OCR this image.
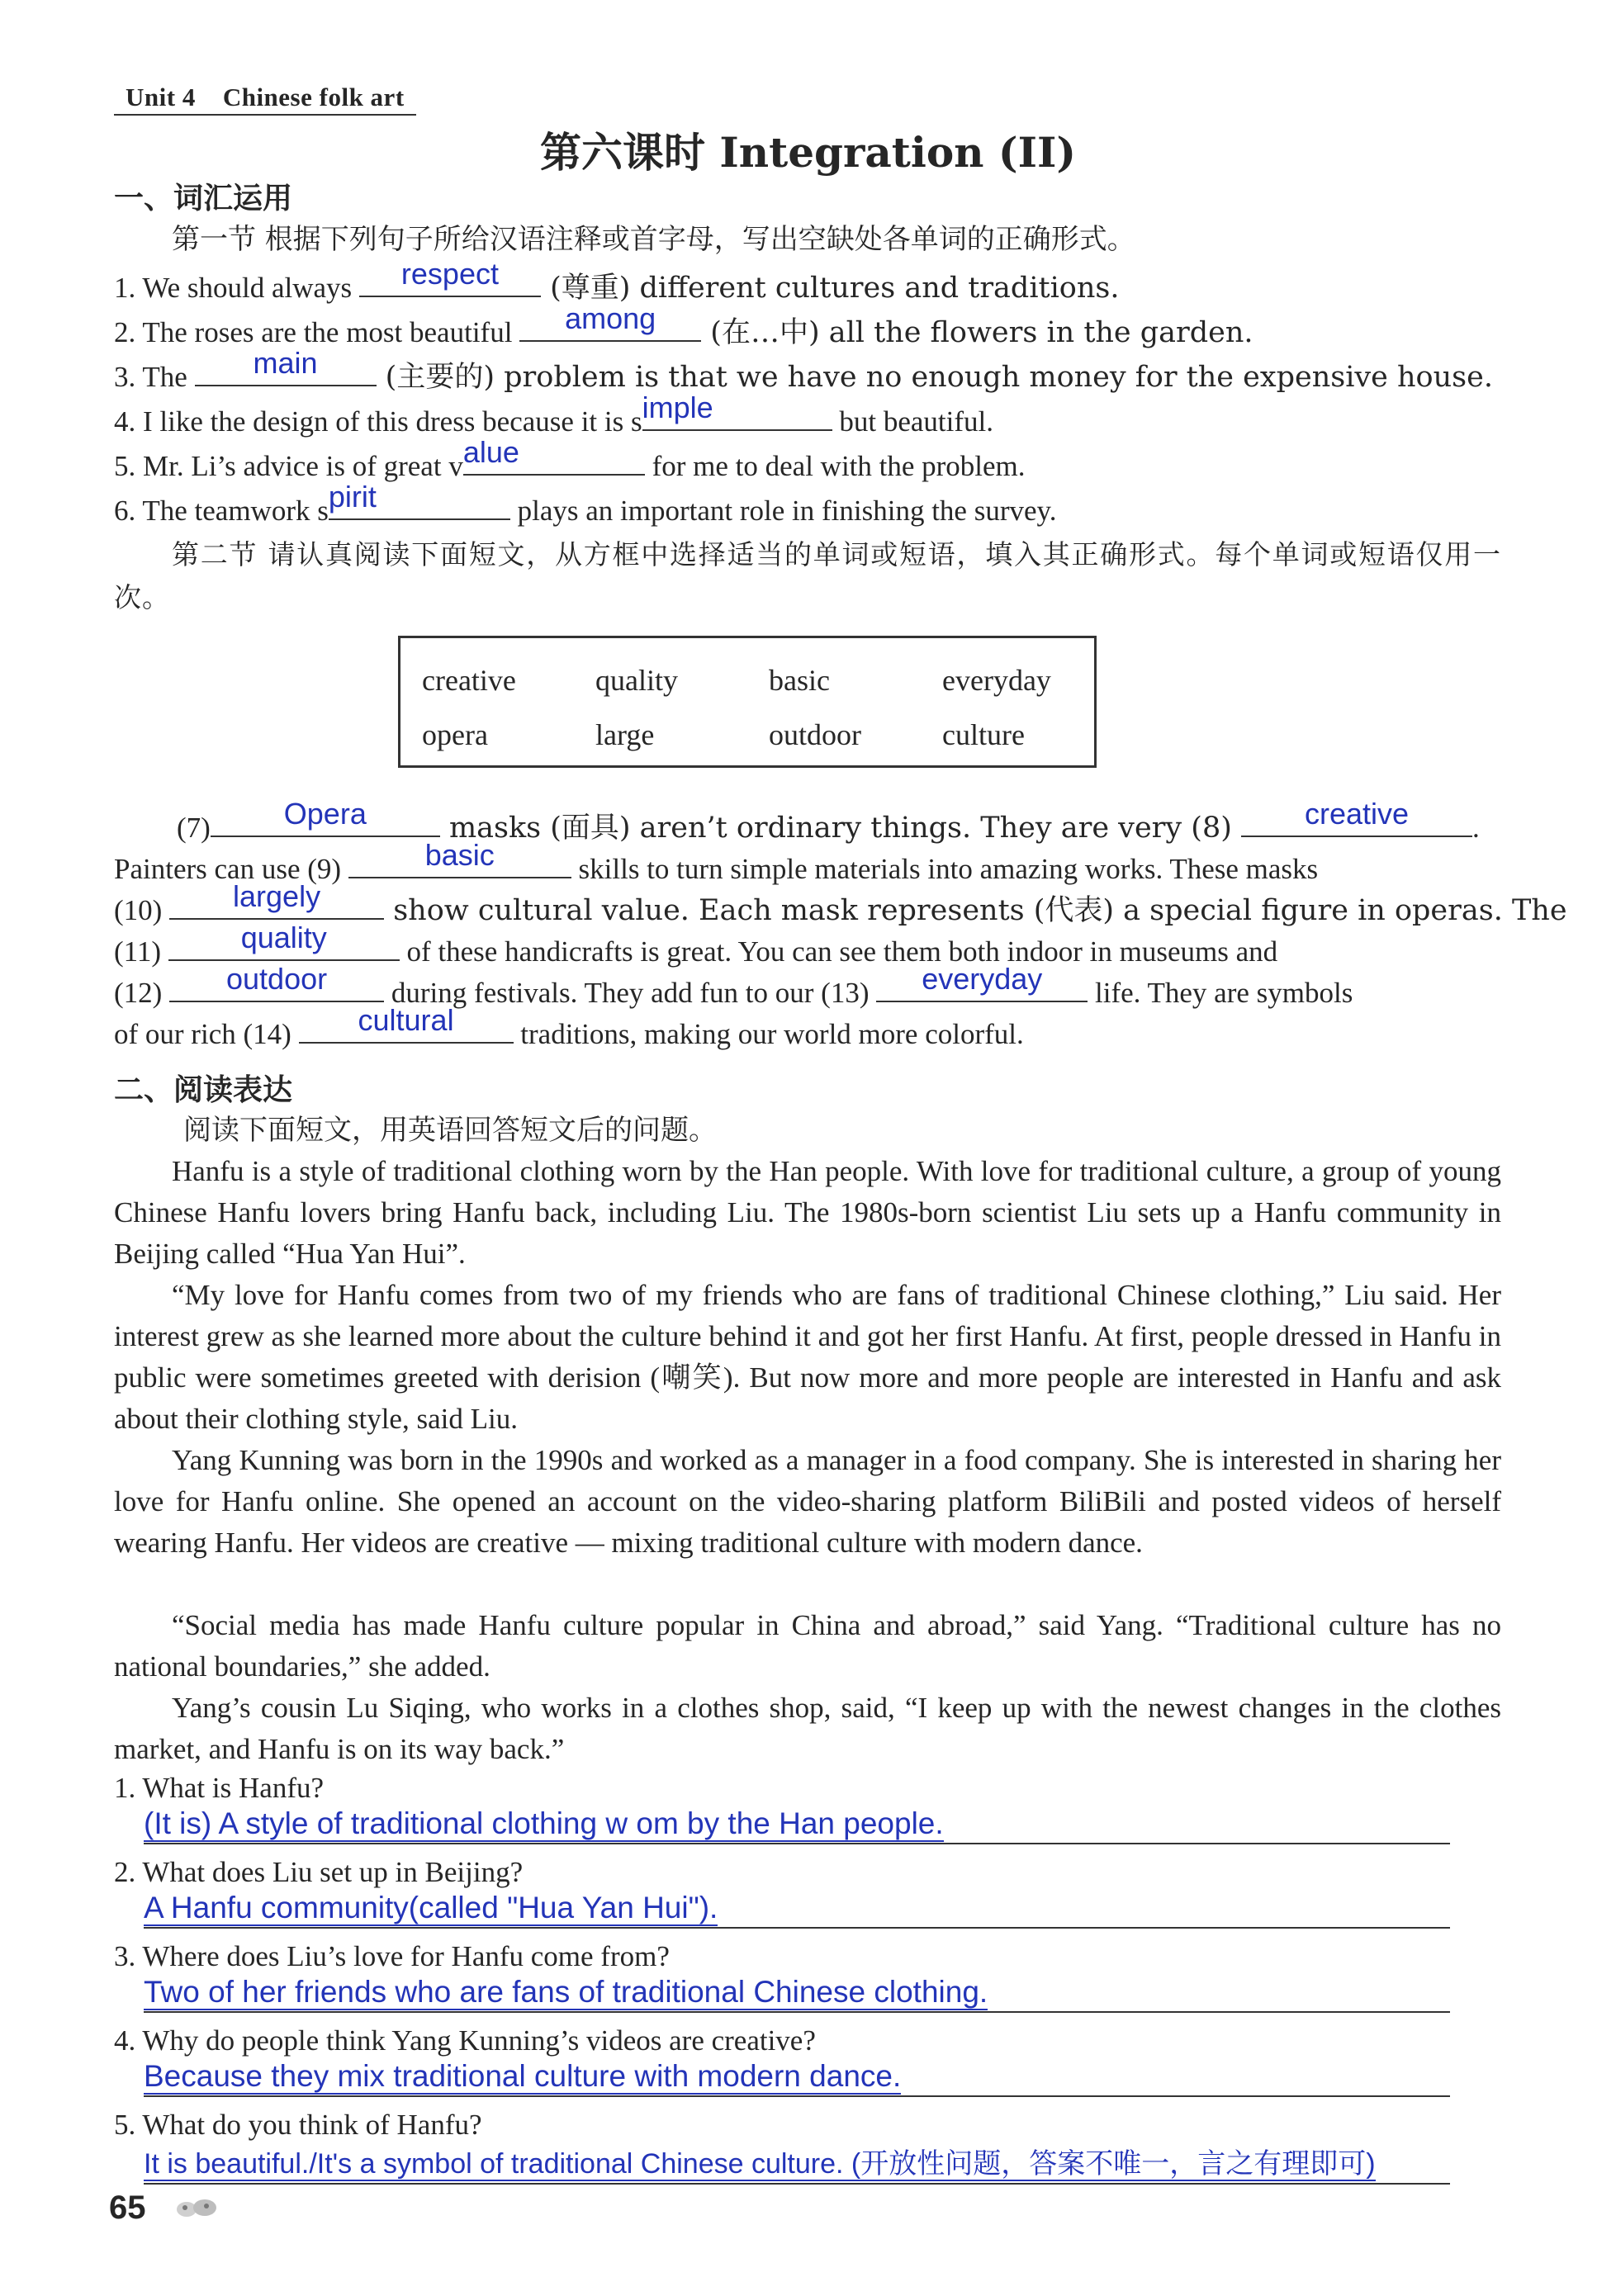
Unit 4    Chinese folk art
第六课时 Integration (II)
一、词汇运用
第一节 根据下列句子所给汉语注释或首字母，写出空缺处各单词的正确形式。
1. We should always	respect	(尊重) different cultures and traditions.
2. The roses are the most beautiful	among	(在…中) all the flowers in the garden.
3. The	main	(主要的) problem is that we have no enough money for the expensive house.
4. I like the design of this dress because it is s imple	but beautiful.
5. Mr. Li’s advice is of great v alue	for me to deal with the problem.
6. The teamwork s pirit	plays an important role in finishing the survey.
第二节 请认真阅读下面短文，从方框中选择适当的单词或短语，填入其正确形式。每个单词或短语仅用一次。
creative	quality	basic	everyday
opera	large	outdoor	culture
(7)	Opera	masks (面具) aren’t ordinary things. They are very (8)	creative	.
Painters can use (9)	basic	skills to turn simple materials into amazing works. These masks
(10)	largely	show cultural value. Each mask represents (代表) a special figure in operas. The
(11)	quality	of these handicrafts is great. You can see them both indoor in museums and
(12)	outdoor	during festivals. They add fun to our (13)	everyday	life. They are symbols
of our rich (14)	cultural	traditions, making our world more colorful.
二、阅读表达
阅读下面短文，用英语回答短文后的问题。
Hanfu is a style of traditional clothing worn by the Han people. With love for traditional culture, a group of young Chinese Hanfu lovers bring Hanfu back, including Liu. The 1980s-born scientist Liu sets up a Hanfu community in Beijing called “Hua Yan Hui”.
“My love for Hanfu comes from two of my friends who are fans of traditional Chinese clothing,” Liu said. Her interest grew as she learned more about the culture behind it and got her first Hanfu. At first, people dressed in Hanfu in public were sometimes greeted with derision (嘲笑). But now more and more people are interested in Hanfu and ask about their clothing style, said Liu.
Yang Kunning was born in the 1990s and worked as a manager in a food company. She is interested in sharing her love for Hanfu online. She opened an account on the video-sharing platform BiliBili and posted videos of herself wearing Hanfu. Her videos are creative — mixing traditional culture with modern dance.
“Social media has made Hanfu culture popular in China and abroad,” said Yang. “Traditional culture has no national boundaries,” she added.
Yang’s cousin Lu Siqing, who works in a clothes shop, said, “I keep up with the newest changes in the clothes market, and Hanfu is on its way back.”
1. What is Hanfu?
(It is) A style of traditional clothing w om by the Han people.
2. What does Liu set up in Beijing?
A Hanfu community(called "Hua Yan Hui").
3. Where does Liu’s love for Hanfu come from?
Two of her friends who are fans of traditional Chinese clothing.
4. Why do people think Yang Kunning’s videos are creative?
Because they mix traditional culture with modern dance.
5. What do you think of Hanfu?
It is beautiful./It's a symbol of traditional Chinese culture. (开放性问题，答案不唯一，言之有理即可)
65
